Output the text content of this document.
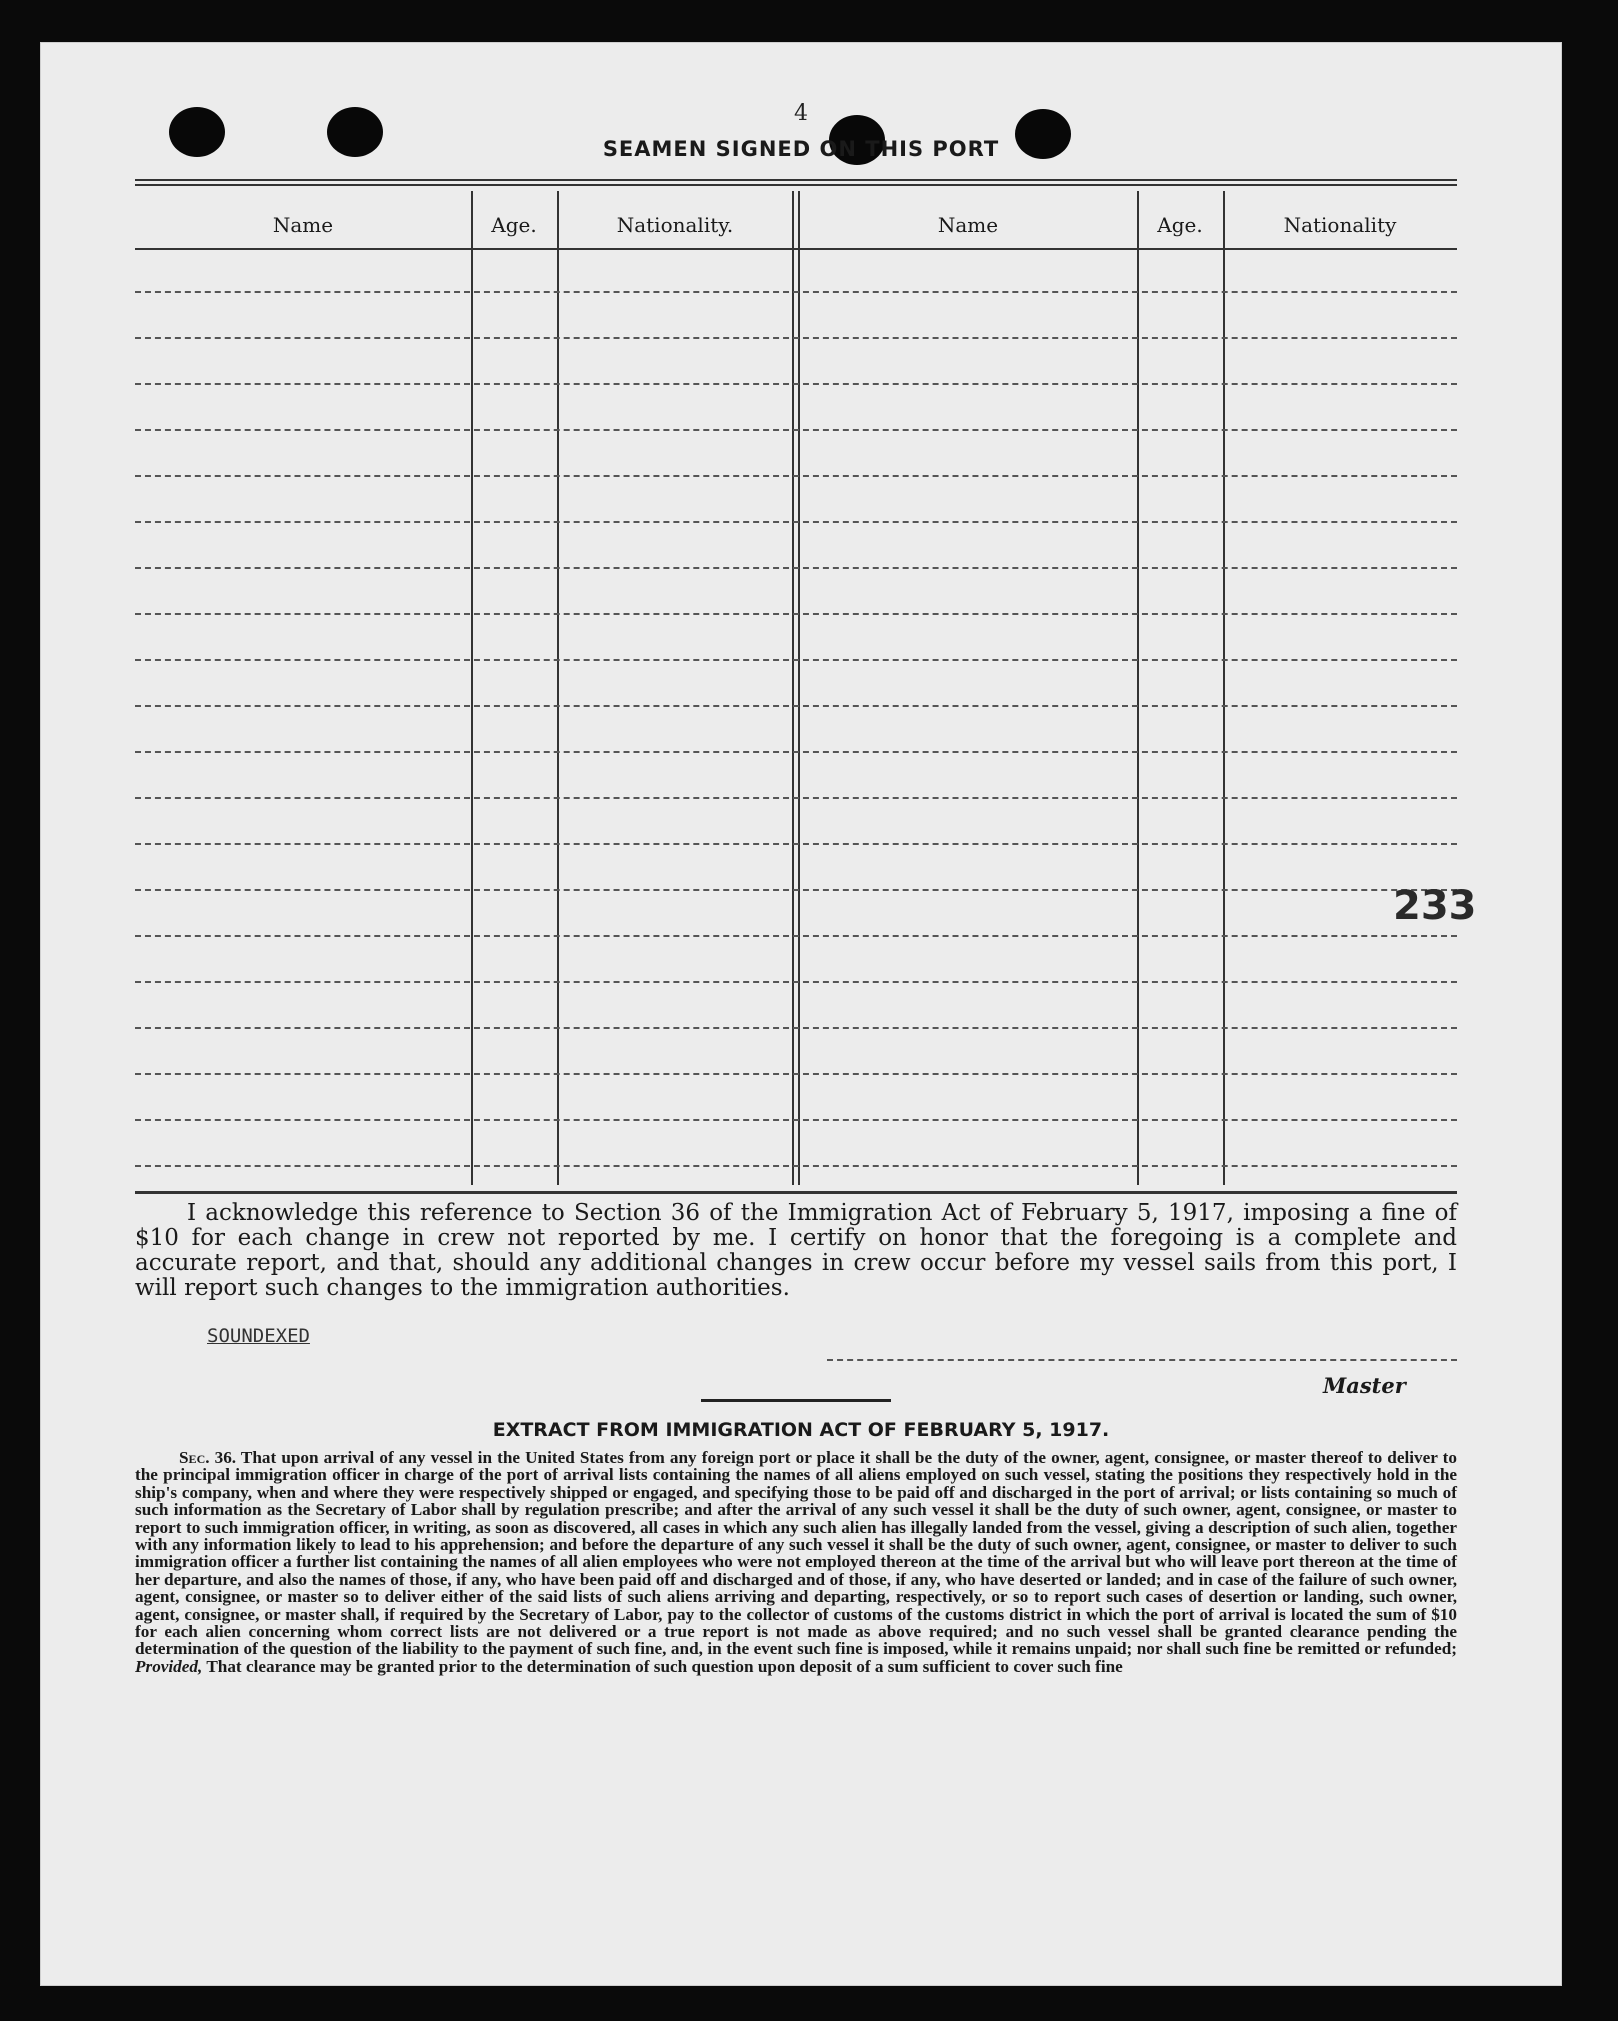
4
SEAMEN SIGNED ON THIS PORT
Name	Age.	Nationality.	Name	Age.	Nationality
233
I acknowledge this reference to Section 36 of the Immigration Act of February 5, 1917, imposing a fine of $10 for each change in crew not reported by me. I certify on honor that the foregoing is a complete and accurate report, and that, should any additional changes in crew occur before my vessel sails from this port, I will report such changes to the immigration authorities.
SOUNDEXED
Master
EXTRACT FROM IMMIGRATION ACT OF FEBRUARY 5, 1917.
Sec. 36. That upon arrival of any vessel in the United States from any foreign port or place it shall be the duty of the owner, agent, consignee, or master thereof to deliver to the principal immigration officer in charge of the port of arrival lists containing the names of all aliens employed on such vessel, stating the positions they respectively hold in the ship's company, when and where they were respectively shipped or engaged, and specifying those to be paid off and discharged in the port of arrival; or lists containing so much of such information as the Secretary of Labor shall by regulation prescribe; and after the arrival of any such vessel it shall be the duty of such owner, agent, consignee, or master to report to such immigration officer, in writing, as soon as discovered, all cases in which any such alien has illegally landed from the vessel, giving a description of such alien, together with any information likely to lead to his apprehension; and before the departure of any such vessel it shall be the duty of such owner, agent, consignee, or master to deliver to such immigration officer a further list containing the names of all alien employees who were not employed thereon at the time of the arrival but who will leave port thereon at the time of her departure, and also the names of those, if any, who have been paid off and discharged and of those, if any, who have deserted or landed; and in case of the failure of such owner, agent, consignee, or master so to deliver either of the said lists of such aliens arriving and departing, respectively, or so to report such cases of desertion or landing, such owner, agent, consignee, or master shall, if required by the Secretary of Labor, pay to the collector of customs of the customs district in which the port of arrival is located the sum of $10 for each alien concerning whom correct lists are not delivered or a true report is not made as above required; and no such vessel shall be granted clearance pending the determination of the question of the liability to the payment of such fine, and, in the event such fine is imposed, while it remains unpaid; nor shall such fine be remitted or refunded; Provided, That clearance may be granted prior to the determination of such question upon deposit of a sum sufficient to cover such fine
